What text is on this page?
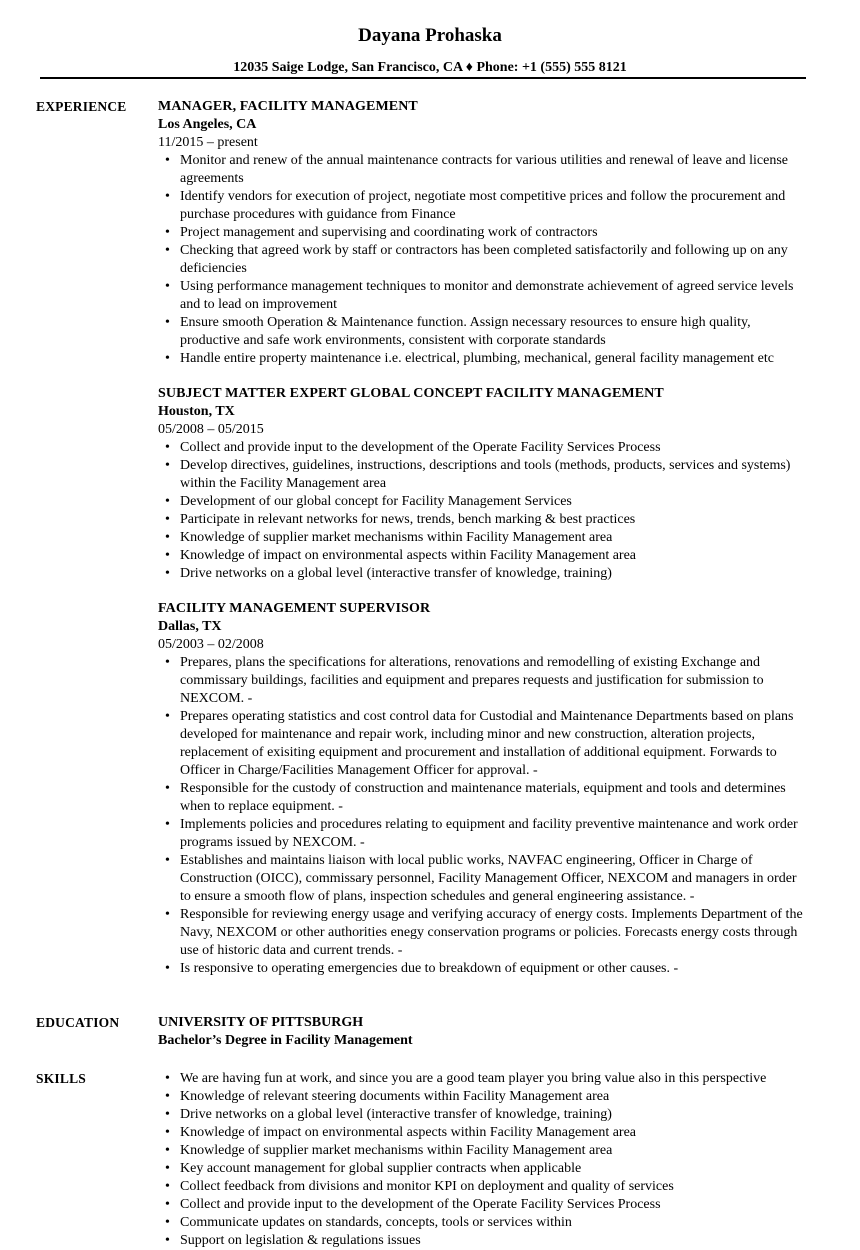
Dayana Prohaska
12035 Saige Lodge, San Francisco, CA ♦ Phone: +1 (555) 555 8121
EXPERIENCE MANAGER, FACILITY MANAGEMENT
Los Angeles, CA
11/2015 – present
• Monitor and renew of the annual maintenance contracts for various utilities and renewal of leave and license agreements
• Identify vendors for execution of project, negotiate most competitive prices and follow the procurement and purchase procedures with guidance from Finance
• Project management and supervising and coordinating work of contractors
• Checking that agreed work by staff or contractors has been completed satisfactorily and following up on any deficiencies
• Using performance management techniques to monitor and demonstrate achievement of agreed service levels and to lead on improvement
• Ensure smooth Operation & Maintenance function. Assign necessary resources to ensure high quality, productive and safe work environments, consistent with corporate standards
• Handle entire property maintenance i.e. electrical, plumbing, mechanical, general facility management etc
SUBJECT MATTER EXPERT GLOBAL CONCEPT FACILITY MANAGEMENT
Houston, TX
05/2008 – 05/2015
• Collect and provide input to the development of the Operate Facility Services Process
• Develop directives, guidelines, instructions, descriptions and tools (methods, products, services and systems) within the Facility Management area
• Development of our global concept for Facility Management Services
• Participate in relevant networks for news, trends, bench marking & best practices
• Knowledge of supplier market mechanisms within Facility Management area
• Knowledge of impact on environmental aspects within Facility Management area
• Drive networks on a global level (interactive transfer of knowledge, training)
FACILITY MANAGEMENT SUPERVISOR
Dallas, TX
05/2003 – 02/2008
• Prepares, plans the specifications for alterations, renovations and remodelling of existing Exchange and commissary buildings, facilities and equipment and prepares requests and justification for submission to NEXCOM. -
• Prepares operating statistics and cost control data for Custodial and Maintenance Departments based on plans developed for maintenance and repair work, including minor and new construction, alteration projects, replacement of exisiting equipment and procurement and installation of additional equipment. Forwards to Officer in Charge/Facilities Management Officer for approval. -
• Responsible for the custody of construction and maintenance materials, equipment and tools and determines when to replace equipment. -
• Implements policies and procedures relating to equipment and facility preventive maintenance and work order programs issued by NEXCOM. -
• Establishes and maintains liaison with local public works, NAVFAC engineering, Officer in Charge of Construction (OICC), commissary personnel, Facility Management Officer, NEXCOM and managers in order to ensure a smooth flow of plans, inspection schedules and general engineering assistance. -
• Responsible for reviewing energy usage and verifying accuracy of energy costs. Implements Department of the Navy, NEXCOM or other authorities enegy conservation programs or policies. Forecasts energy costs through use of historic data and current trends. -
• Is responsive to operating emergencies due to breakdown of equipment or other causes. -
EDUCATION	UNIVERSITY OF PITTSBURGH
Bachelor’s Degree in Facility Management
SKILLS
•	We are having fun at work, and since you are a good team player you bring value also in this perspective
• Knowledge of relevant steering documents within Facility Management area
• Drive networks on a global level (interactive transfer of knowledge, training)
• Knowledge of impact on environmental aspects within Facility Management area
• Knowledge of supplier market mechanisms within Facility Management area
• Key account management for global supplier contracts when applicable
• Collect feedback from divisions and monitor KPI on deployment and quality of services
• Collect and provide input to the development of the Operate Facility Services Process
• Communicate updates on standards, concepts, tools or services within
• Support on legislation & regulations issues
